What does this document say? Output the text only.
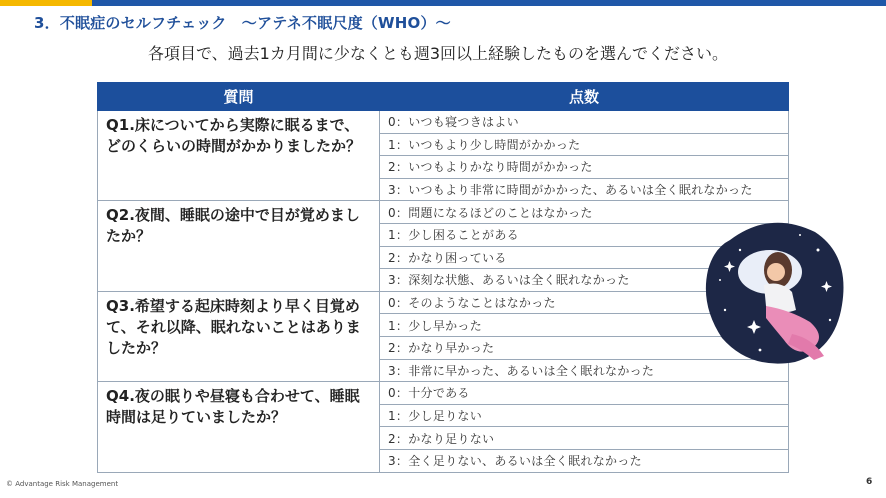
3．不眠症のセルフチェック　～アテネ不眠尺度（WHO）～
各項目で、過去1カ月間に少なくとも週3回以上経験したものを選んでください。
質問	点数
Q1.床についてから実際に眠るまで、どのくらいの時間がかかりましたか？	0：いつも寝つきはよい
	1：いつもより少し時間がかかった
	2：いつもよりかなり時間がかかった
	3：いつもより非常に時間がかかった、あるいは全く眠れなかった
Q2.夜間、睡眠の途中で目が覚めましたか？	0：問題になるほどのことはなかった
	1：少し困ることがある
	2：かなり困っている
	3：深刻な状態、あるいは全く眠れなかった
Q3.希望する起床時刻より早く目覚めて、それ以降、眠れないことはありましたか？	0：そのようなことはなかった
	1：少し早かった
	2：かなり早かった
	3：非常に早かった、あるいは全く眠れなかった
Q4.夜の眠りや昼寝も合わせて、睡眠時間は足りていましたか？	0：十分である
	1：少し足りない
	2：かなり足りない
	3：全く足りない、あるいは全く眠れなかった
© Advantage Risk Management	6
